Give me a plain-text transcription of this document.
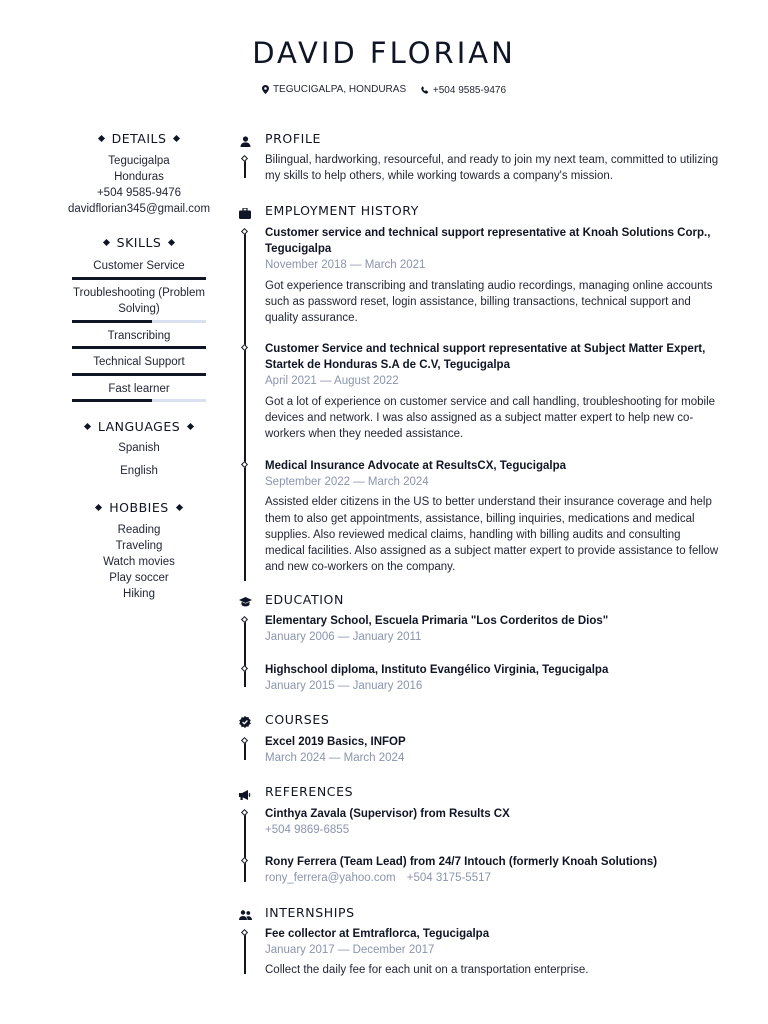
DAVID FLORIAN
TEGUCIGALPA, HONDURAS
	+504 9585-9476
DETAILS

Tegucigalpa

Honduras

+504 9585-9476

davidflorian345@gmail.com

SKILLS
Customer Service
Troubleshooting (Problem Solving)
Transcribing
Technical Support
Fast learner
LANGUAGES
Spanish
English
HOBBIES

Reading

Traveling

Watch movies

Play soccer

Hiking

PROFILE
Bilingual, hardworking, resourceful, and ready to join my next team, committed to utilizing my skills to help others, while working towards a company's mission.
EMPLOYMENT HISTORY
Customer service and technical support representative at Knoah Solutions Corp., Tegucigalpa
November 2018 — March 2021
Got experience transcribing and translating audio recordings, managing online accounts such as password reset, login assistance, billing transactions, technical support and quality assurance.
Customer Service and technical support representative at Subject Matter Expert, Startek de Honduras S.A de C.V, Tegucigalpa
April 2021 — August 2022
Got a lot of experience on customer service and call handling, troubleshooting for mobile devices and network. I was also assigned as a subject matter expert to help new co-workers when they needed assistance.
Medical Insurance Advocate at ResultsCX, Tegucigalpa
September 2022 — March 2024
Assisted elder citizens in the US to better understand their insurance coverage and help them to also get appointments, assistance, billing inquiries, medications and medical supplies. Also reviewed medical claims, handling with billing audits and consulting medical facilities. Also assigned as a subject matter expert to provide assistance to fellow and new co-workers on the company.
EDUCATION
Elementary School, Escuela Primaria "Los Corderitos de Dios"
January 2006 — January 2011
Highschool diploma, Instituto Evangélico Virginia, Tegucigalpa
January 2015 — January 2016
COURSES
Excel 2019 Basics, INFOP
March 2024 — March 2024
REFERENCES
Cinthya Zavala (Supervisor) from Results CX
+504 9869-6855
Rony Ferrera (Team Lead) from 24/7 Intouch (formerly Knoah Solutions)
rony_ferrera@yahoo.com +504 3175-5517
INTERNSHIPS
Fee collector at Emtraflorca, Tegucigalpa
January 2017 — December 2017
Collect the daily fee for each unit on a transportation enterprise.
